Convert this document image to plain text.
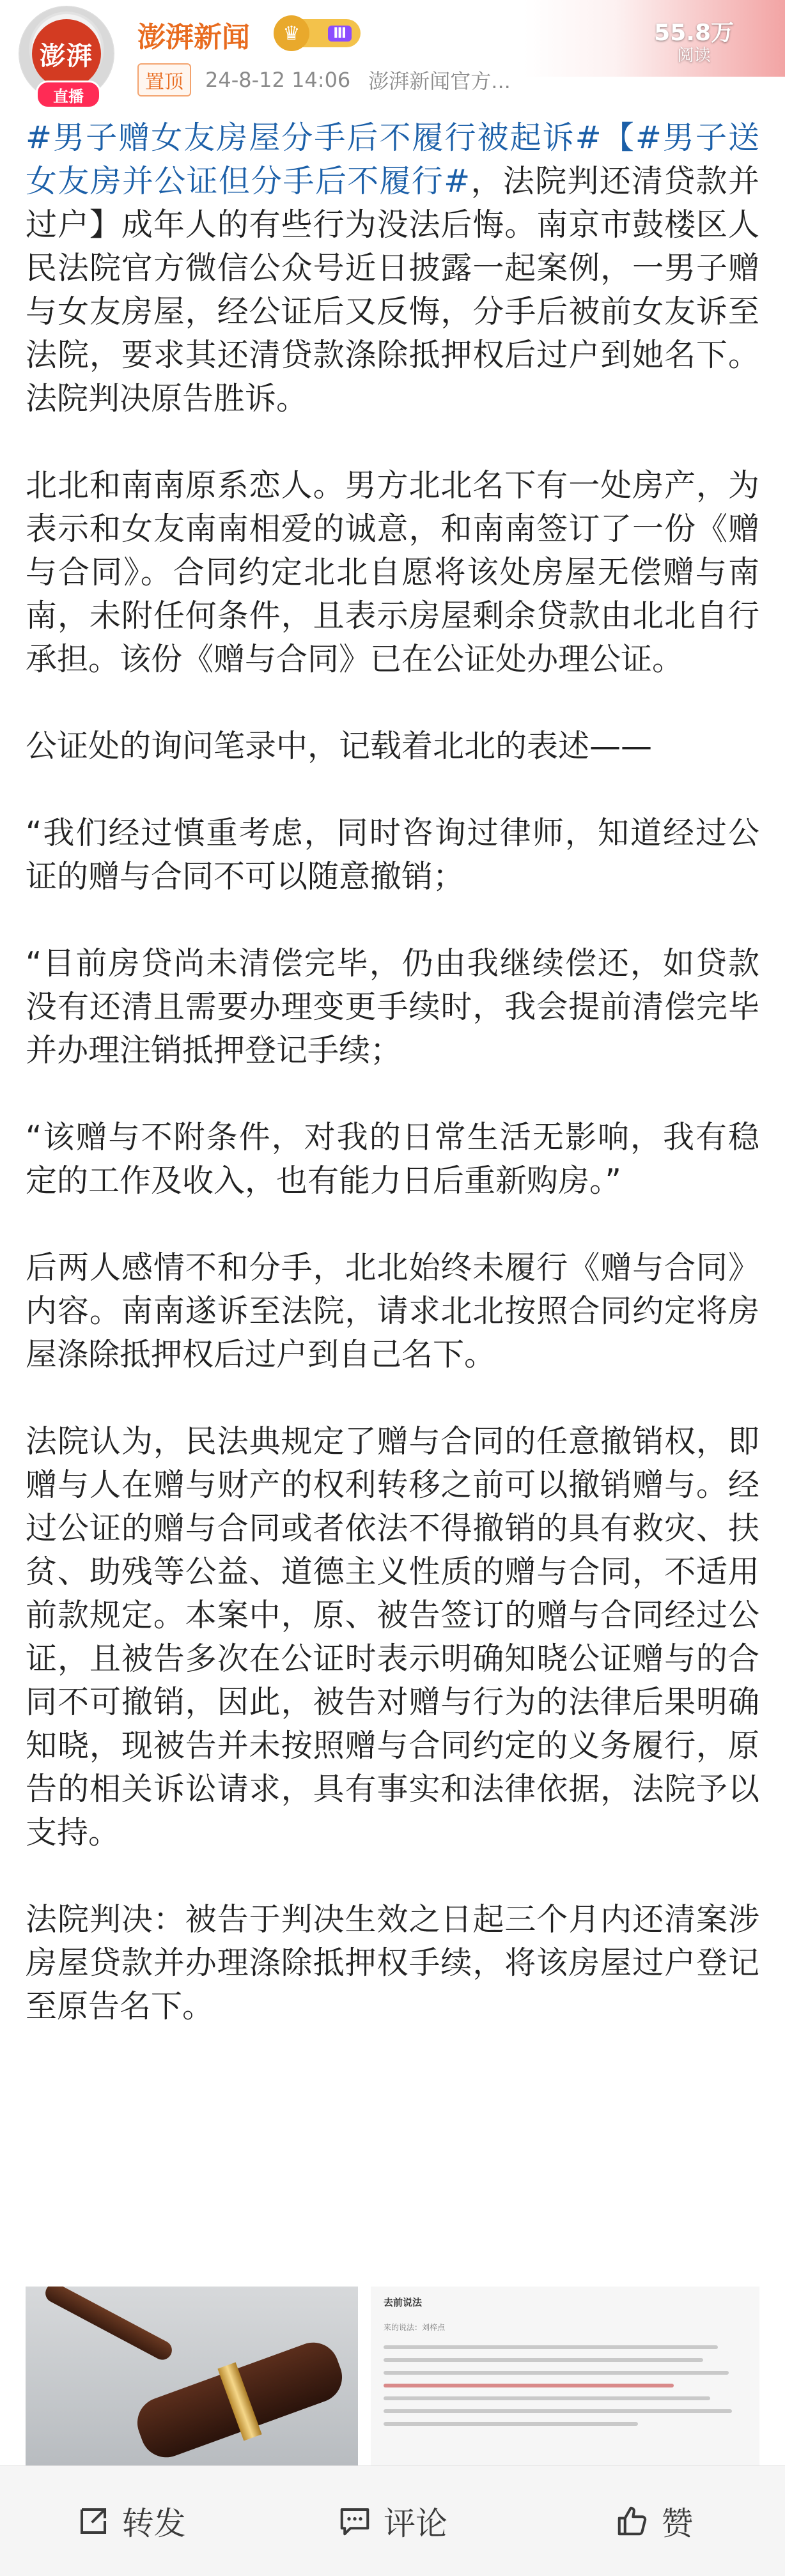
澎湃
直播
澎湃新闻	♛	Ⅲ
置顶	24-8-12 14:06 澎湃新闻官方...
55.8万
阅读

#男子赠女友房屋分手后不履行被起诉#【#男子送女友房并公证但分手后不履行#，法院判还清贷款并过户】成年人的有些行为没法后悔。南京市鼓楼区人民法院官方微信公众号近日披露一起案例，一男子赠与女友房屋，经公证后又反悔，分手后被前女友诉至法院，要求其还清贷款涤除抵押权后过户到她名下。法院判决原告胜诉。

北北和南南原系恋人。男方北北名下有一处房产，为表示和女友南南相爱的诚意，和南南签订了一份《赠与合同》。合同约定北北自愿将该处房屋无偿赠与南南，未附任何条件，且表示房屋剩余贷款由北北自行承担。该份《赠与合同》已在公证处办理公证。

公证处的询问笔录中，记载着北北的表述——

“我们经过慎重考虑，同时咨询过律师，知道经过公证的赠与合同不可以随意撤销；

“目前房贷尚未清偿完毕，仍由我继续偿还，如贷款没有还清且需要办理变更手续时，我会提前清偿完毕并办理注销抵押登记手续；

“该赠与不附条件，对我的日常生活无影响，我有稳定的工作及收入，也有能力日后重新购房。”

后两人感情不和分手，北北始终未履行《赠与合同》内容。南南遂诉至法院，请求北北按照合同约定将房屋涤除抵押权后过户到自己名下。

法院认为，民法典规定了赠与合同的任意撤销权，即赠与人在赠与财产的权利转移之前可以撤销赠与。经过公证的赠与合同或者依法不得撤销的具有救灾、扶贫、助残等公益、道德主义性质的赠与合同，不适用前款规定。本案中，原、被告签订的赠与合同经过公证，且被告多次在公证时表示明确知晓公证赠与的合同不可撤销，因此，被告对赠与行为的法律后果明确知晓，现被告并未按照赠与合同约定的义务履行，原告的相关诉讼请求，具有事实和法律依据，法院予以支持。

法院判决：被告于判决生效之日起三个月内还清案涉房屋贷款并办理涤除抵押权手续，将该房屋过户登记至原告名下。

去前说法
来的说法：刘梓点
转发	评论	赞
